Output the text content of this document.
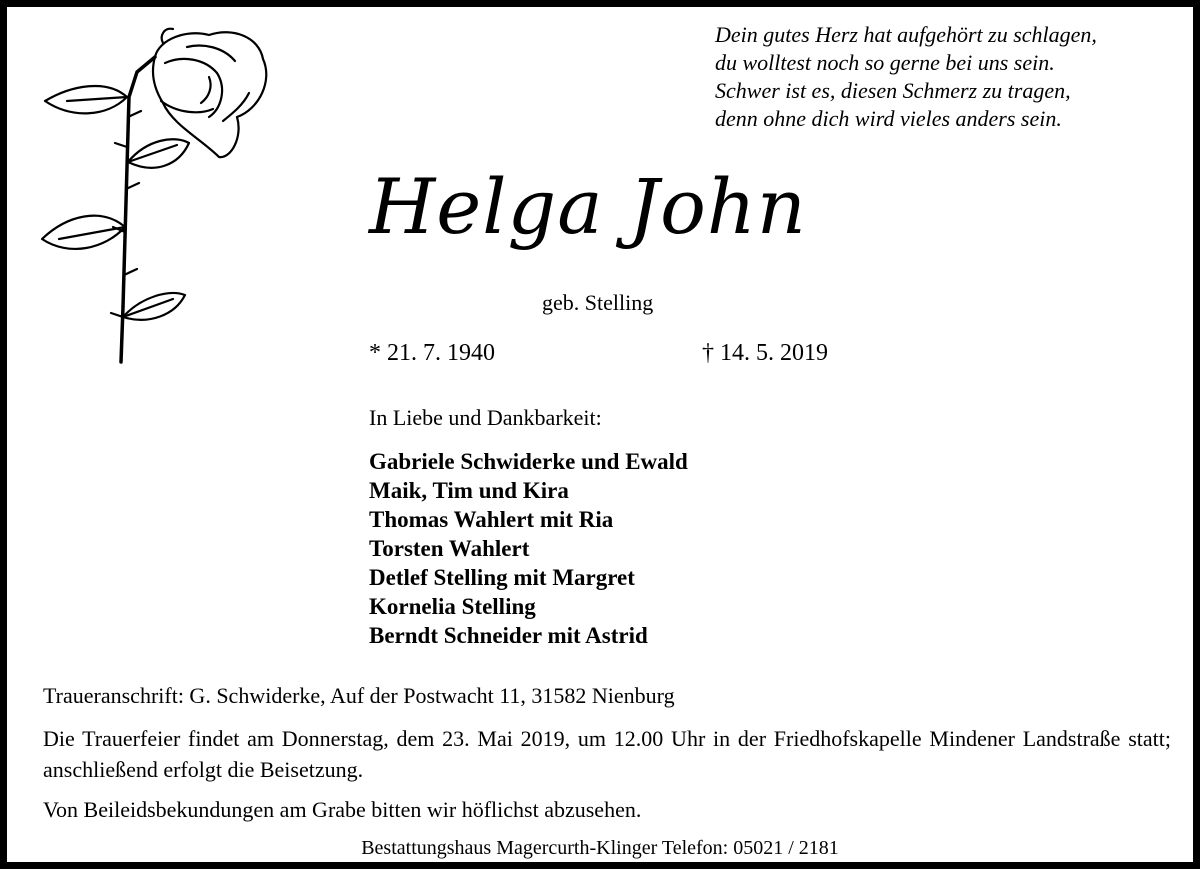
Dein gutes Herz hat aufgehört zu schlagen,
du wolltest noch so gerne bei uns sein.
Schwer ist es, diesen Schmerz zu tragen,
denn ohne dich wird vieles anders sein.
Helga John
geb. Stelling
* 21. 7. 1940	† 14. 5. 2019
In Liebe und Dankbarkeit:
Gabriele Schwiderke und Ewald
Maik, Tim und Kira
Thomas Wahlert mit Ria
Torsten Wahlert
Detlef Stelling mit Margret
Kornelia Stelling
Berndt Schneider mit Astrid
Traueranschrift: G. Schwiderke, Auf der Postwacht 11, 31582 Nienburg
Die Trauerfeier findet am Donnerstag, dem 23. Mai 2019, um 12.00 Uhr in der Friedhofskapelle Mindener Landstraße statt; anschließend erfolgt die Beisetzung.
Von Beileidsbekundungen am Grabe bitten wir höflichst abzusehen.
Bestattungshaus Magercurth-Klinger Telefon: 05021 / 2181
